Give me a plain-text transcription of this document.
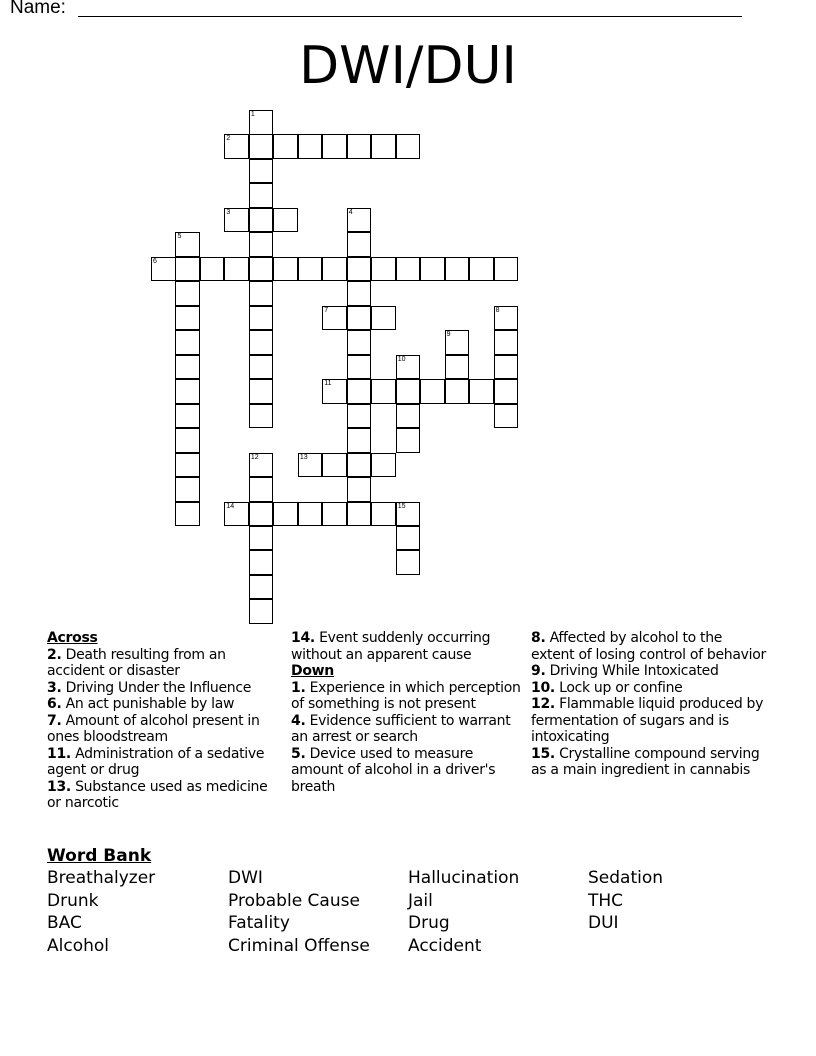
Name:
DWI/DUI
1
2
3	4
5
6
7	8
9
10
11
12	13
14	15
Across
2. Death resulting from an accident or disaster
3. Driving Under the Influence
6. An act punishable by law
7. Amount of alcohol present in ones bloodstream
11. Administration of a sedative agent or drug
13. Substance used as medicine or narcotic
14. Event suddenly occurring without an apparent cause
Down
1. Experience in which perception of something is not present
4. Evidence sufficient to warrant an arrest or search
5. Device used to measure amount of alcohol in a driver's breath
8. Affected by alcohol to the extent of losing control of behavior
9. Driving While Intoxicated
10. Lock up or confine
12. Flammable liquid produced by fermentation of sugars and is intoxicating
15. Crystalline compound serving as a main ingredient in cannabis
Word Bank
Breathalyzer
Drunk
BAC
Alcohol
DWI
Probable Cause
Fatality
Criminal Offense
Hallucination
Jail
Drug
Accident
Sedation
THC
DUI
